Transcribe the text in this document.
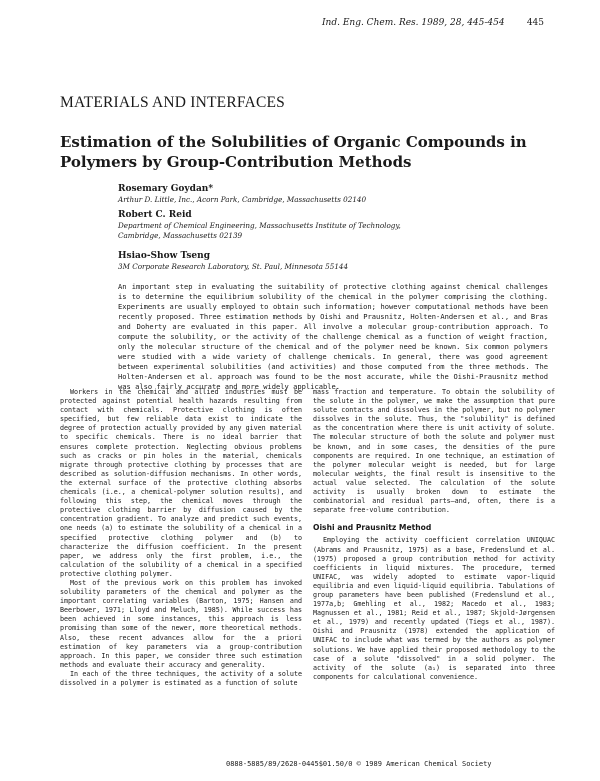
Ind. Eng. Chem. Res. 1989, 28, 445-454 445
MATERIALS AND INTERFACES
Estimation of the Solubilities of Organic Compounds in Polymers by Group-Contribution Methods
Rosemary Goydan*
Arthur D. Little, Inc., Acorn Park, Cambridge, Massachusetts 02140
Robert C. Reid
Department of Chemical Engineering, Massachusetts Institute of Technology, Cambridge, Massachusetts 02139
Hsiao-Show Tseng
3M Corporate Research Laboratory, St. Paul, Minnesota 55144
An important step in evaluating the suitability of protective clothing against chemical challenges is to determine the equilibrium solubility of the chemical in the polymer comprising the clothing. Experiments are usually employed to obtain such information; however computational methods have been recently proposed. Three estimation methods by Oishi and Prausnitz, Holten-Andersen et al., and Bras and Doherty are evaluated in this paper. All involve a molecular group-contribution approach. To compute the solubility, or the activity of the challenge chemical as a function of weight fraction, only the molecular structure of the chemical and of the polymer need be known. Six common polymers were studied with a wide variety of challenge chemicals. In general, there was good agreement between experimental solubilities (and activities) and those computed from the three methods. The Holten-Andersen et al. approach was found to be the most accurate, while the Oishi-Prausnitz method was also fairly accurate and more widely applicable.

Workers in the chemical and allied industries must be protected against potential health hazards resulting from contact with chemicals. Protective clothing is often specified, but few reliable data exist to indicate the degree of protection actually provided by any given material to specific chemicals. There is no ideal barrier that ensures complete protection. Neglecting obvious problems such as cracks or pin holes in the material, chemicals migrate through protective clothing by processes that are described as solution-diffusion mechanisms. In other words, the external surface of the protective clothing absorbs chemicals (i.e., a chemical-polymer solution results), and following this step, the chemical moves through the protective clothing barrier by diffusion caused by the concentration gradient. To analyze and predict such events, one needs (a) to estimate the solubility of a chemical in a specified protective clothing polymer and (b) to characterize the diffusion coefficient. In the present paper, we address only the first problem, i.e., the calculation of the solubility of a chemical in a specified protective clothing polymer.

Most of the previous work on this problem has invoked solubility parameters of the chemical and polymer as the important correlating variables (Barton, 1975; Hansen and Beerbower, 1971; Lloyd and Meluch, 1985). While success has been achieved in some instances, this approach is less promising than some of the newer, more theoretical methods. Also, these recent advances allow for the a priori estimation of key parameters via a group-contribution approach. In this paper, we consider three such estimation methods and evaluate their accuracy and generality.

In each of the three techniques, the activity of a solute dissolved in a polymer is estimated as a function of solute

mass fraction and temperature. To obtain the solubility of the solute in the polymer, we make the assumption that pure solute contacts and dissolves in the polymer, but no polymer dissolves in the solute. Thus, the "solubility" is defined as the concentration where there is unit activity of solute. The molecular structure of both the solute and polymer must be known, and in some cases, the densities of the pure components are required. In one technique, an estimation of the polymer molecular weight is needed, but for large molecular weights, the final result is insensitive to the actual value selected. The calculation of the solute activity is usually broken down to estimate the combinatorial and residual parts—and, often, there is a separate free-volume contribution.

Oishi and Prausnitz Method

Employing the activity coefficient correlation UNIQUAC (Abrams and Prausnitz, 1975) as a base, Fredenslund et al. (1975) proposed a group contribution method for activity coefficients in liquid mixtures. The procedure, termed UNIFAC, was widely adopted to estimate vapor-liquid equilibria and even liquid-liquid equilibria. Tabulations of group parameters have been published (Fredenslund et al., 1977a,b; Gmehling et al., 1982; Macedo et al., 1983; Magnussen et al., 1981; Reid et al., 1987; Skjold-Jørgensen et al., 1979) and recently updated (Tiegs et al., 1987). Oishi and Prausnitz (1978) extended the application of UNIFAC to include what was termed by the authors as polymer solutions. We have applied their proposed methodology to the case of a solute "dissolved" in a solid polymer. The activity of the solute (a₁) is separated into three components for calculational convenience.

0888-5885/89/2628-0445$01.50/0 © 1989 American Chemical Society
